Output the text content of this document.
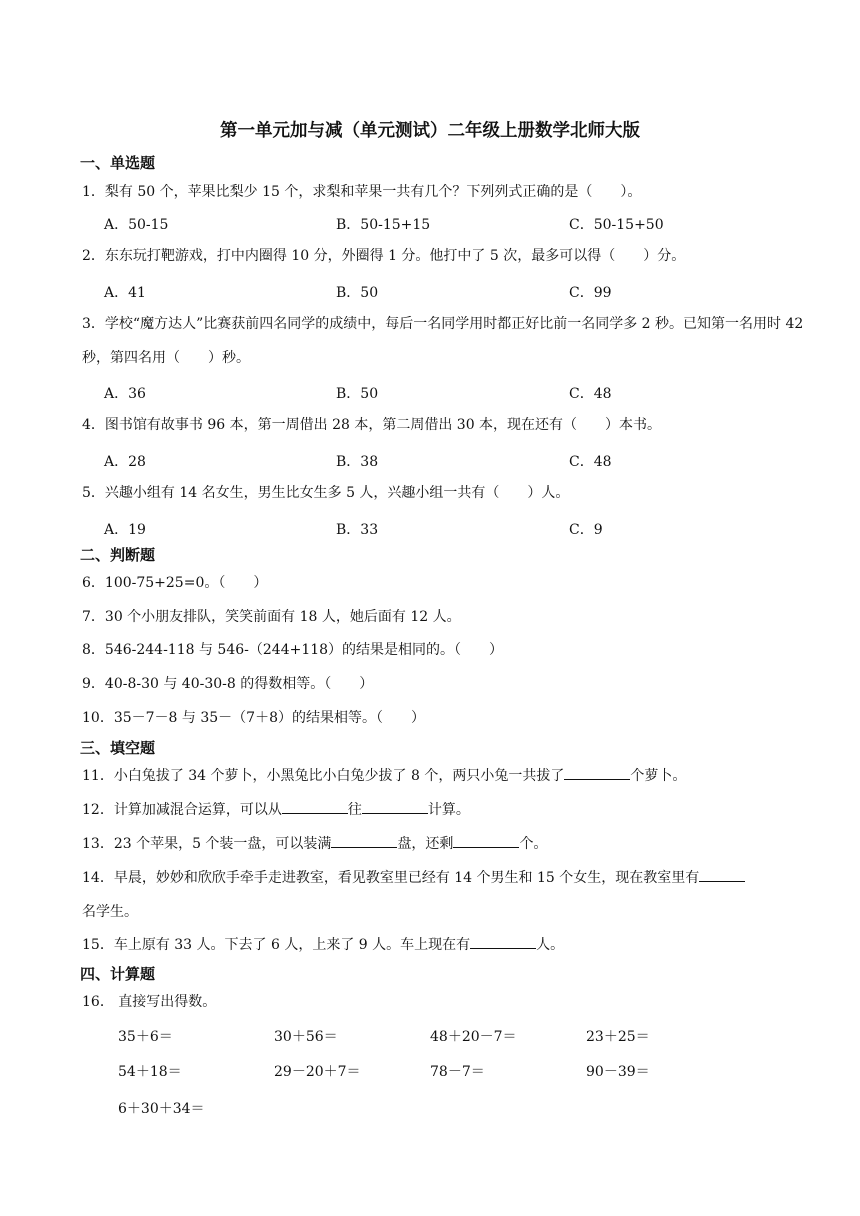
第一单元加与减（单元测试）二年级上册数学北师大版
一、单选题
1．梨有 50 个，苹果比梨少 15 个，求梨和苹果一共有几个？下列列式正确的是（　　）。
A．50-15	B．50-15+15	C．50-15+50
2．东东玩打靶游戏，打中内圈得 10 分，外圈得 1 分。他打中了 5 次，最多可以得（　　）分。
A．41	B．50	C．99
3．学校“魔方达人”比赛获前四名同学的成绩中，每后一名同学用时都正好比前一名同学多 2 秒。已知第一名用时 42 秒，第四名用（　　）秒。
A．36	B．50	C．48
4．图书馆有故事书 96 本，第一周借出 28 本，第二周借出 30 本，现在还有（　　）本书。
A．28	B．38	C．48
5．兴趣小组有 14 名女生，男生比女生多 5 人，兴趣小组一共有（　　）人。
A．19	B．33	C．9
二、判断题
6．100-75+25=0。（　　）
7．30 个小朋友排队，笑笑前面有 18 人，她后面有 12 人。
8．546-244-118 与 546-（244+118）的结果是相同的。（　　）
9．40-8-30 与 40-30-8 的得数相等。（　　）
10．35－7－8 与 35－（7＋8）的结果相等。（　　）
三、填空题
11．小白兔拔了 34 个萝卜，小黑兔比小白兔少拔了 8 个，两只小兔一共拔了	个萝卜。
12．计算加减混合运算，可以从	往	计算。
13．23 个苹果，5 个装一盘，可以装满	盘，还剩	个。
14．早晨，妙妙和欣欣手牵手走进教室，看见教室里已经有 14 个男生和 15 个女生，现在教室里有
名学生。
15．车上原有 33 人。下去了 6 人，上来了 9 人。车上现在有	人。
四、计算题
16． 直接写出得数。
35＋6＝	30＋56＝	48＋20－7＝	23＋25＝
54＋18＝	29－20＋7＝	78－7＝	90－39＝
6＋30＋34＝
